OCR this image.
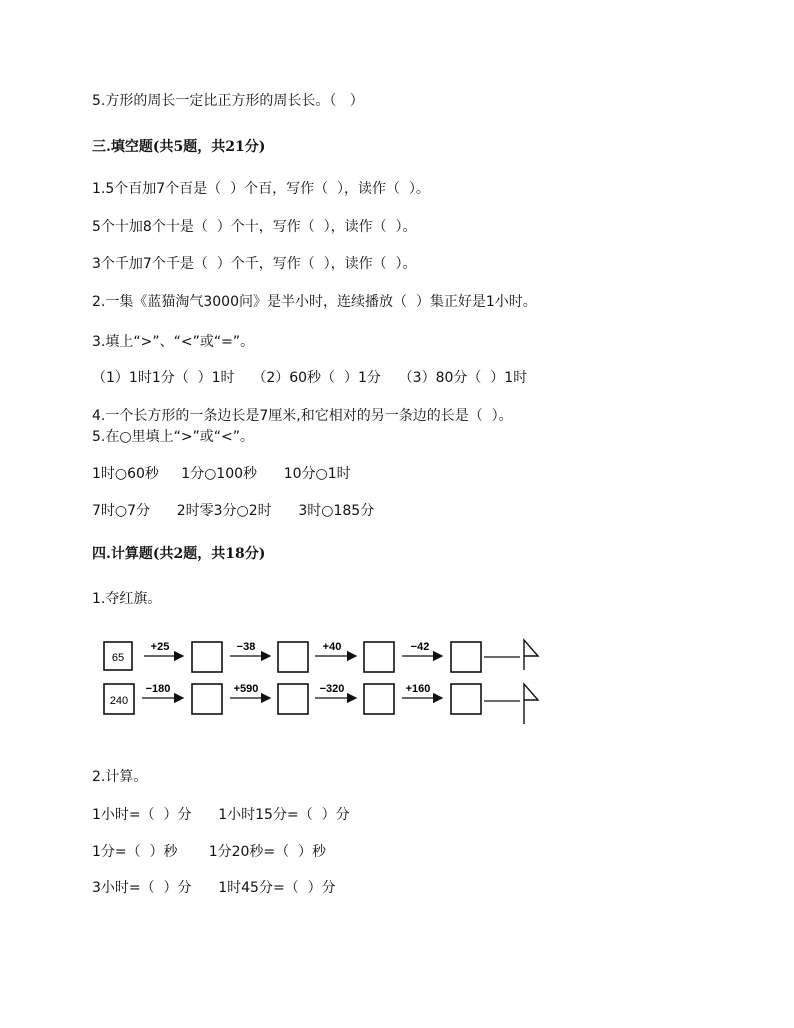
5.方形的周长一定比正方形的周长长。（   ）
三.填空题(共5题，共21分)
1.5个百加7个百是（  ）个百，写作（  ），读作（  ）。
5个十加8个十是（  ）个十，写作（  ），读作（  ）。
3个千加7个千是（  ）个千，写作（  ），读作（  ）。
2.一集《蓝猫淘气3000问》是半小时，连续播放（  ）集正好是1小时。
3.填上“>”、“<”或“=”。
（1）1时1分（  ）1时    （2）60秒（  ）1分    （3）80分（  ）1时
4.一个长方形的一条边长是7厘米,和它相对的另一条边的长是（  ）。
5.在○里填上“>”或“<”。
1时○60秒     1分○100秒      10分○1时
7时○7分      2时零3分○2时      3时○185分
四.计算题(共2题，共18分)
1.夺红旗。
65
+25	−38	+40	−42
240
−180	+590	−320	+160
2.计算。
1小时=（  ）分      1小时15分=（  ）分
1分=（  ）秒       1分20秒=（  ）秒
3小时=（  ）分      1时45分=（  ）分
